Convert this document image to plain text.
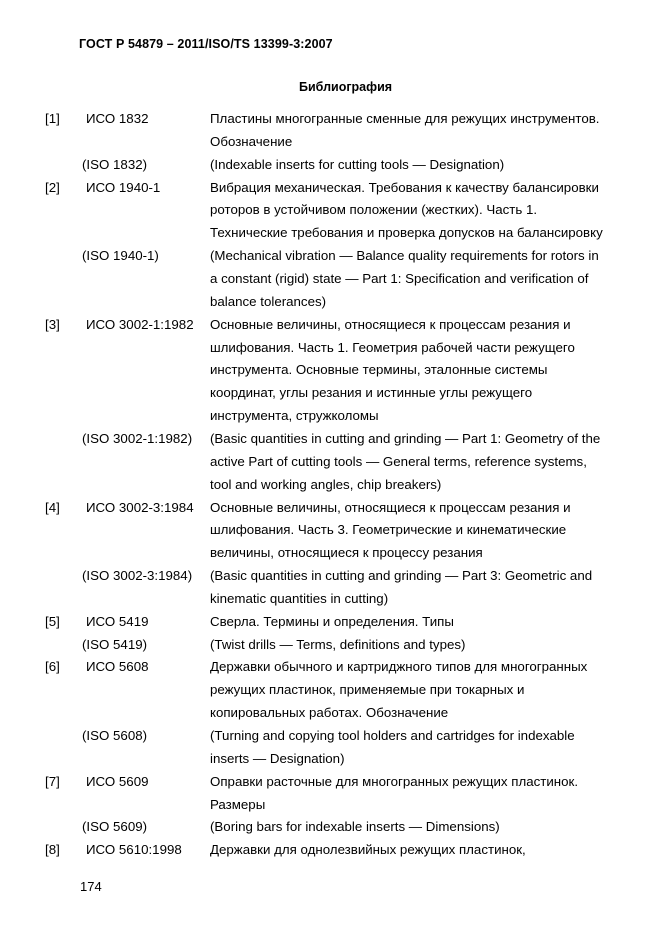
ГОСТ Р 54879 – 2011/ISO/TS 13399-3:2007
Библиография
[1] ИСО 1832	Пластины многогранные сменные для режущих инструментов.
Обозначение
(ISO 1832)	(Indexable inserts for cutting tools — Designation)
[2] ИСО 1940-1	Вибрация механическая. Требования к качеству балансировки
роторов в устойчивом положении (жестких). Часть 1.
Технические требования и проверка допусков на балансировку
(ISO 1940-1)	(Mechanical vibration — Balance quality requirements for rotors in
a constant (rigid) state — Part 1: Specification and verification of
balance tolerances)
[3] ИСО 3002-1:1982 Основные величины, относящиеся к процессам резания и
шлифования. Часть 1. Геометрия рабочей части режущего
инструмента. Основные термины, эталонные системы
координат, углы резания и истинные углы режущего
инструмента, стружколомы
(ISO 3002-1:1982) (Basic quantities in cutting and grinding — Part 1: Geometry of the
active Part of cutting tools — General terms, reference systems,
tool and working angles, chip breakers)
[4] ИСО 3002-3:1984 Основные величины, относящиеся к процессам резания и
шлифования. Часть 3. Геометрические и кинематические
величины, относящиеся к процессу резания
(ISO 3002-3:1984) (Basic quantities in cutting and grinding — Part 3: Geometric and
kinematic quantities in cutting)
[5] ИСО 5419	Сверла. Термины и определения. Типы
(ISO 5419)	(Twist drills — Terms, definitions and types)
[6] ИСО 5608	Державки обычного и картриджного типов для многогранных
режущих пластинок, применяемые при токарных и
копировальных работах. Обозначение
(ISO 5608)	(Turning and copying tool holders and cartridges for indexable
inserts — Designation)
[7] ИСО 5609	Оправки расточные для многогранных режущих пластинок.
Размеры
(ISO 5609)	(Boring bars for indexable inserts — Dimensions)
[8] ИСО 5610:1998 Державки для однолезвийных режущих пластинок,
174
